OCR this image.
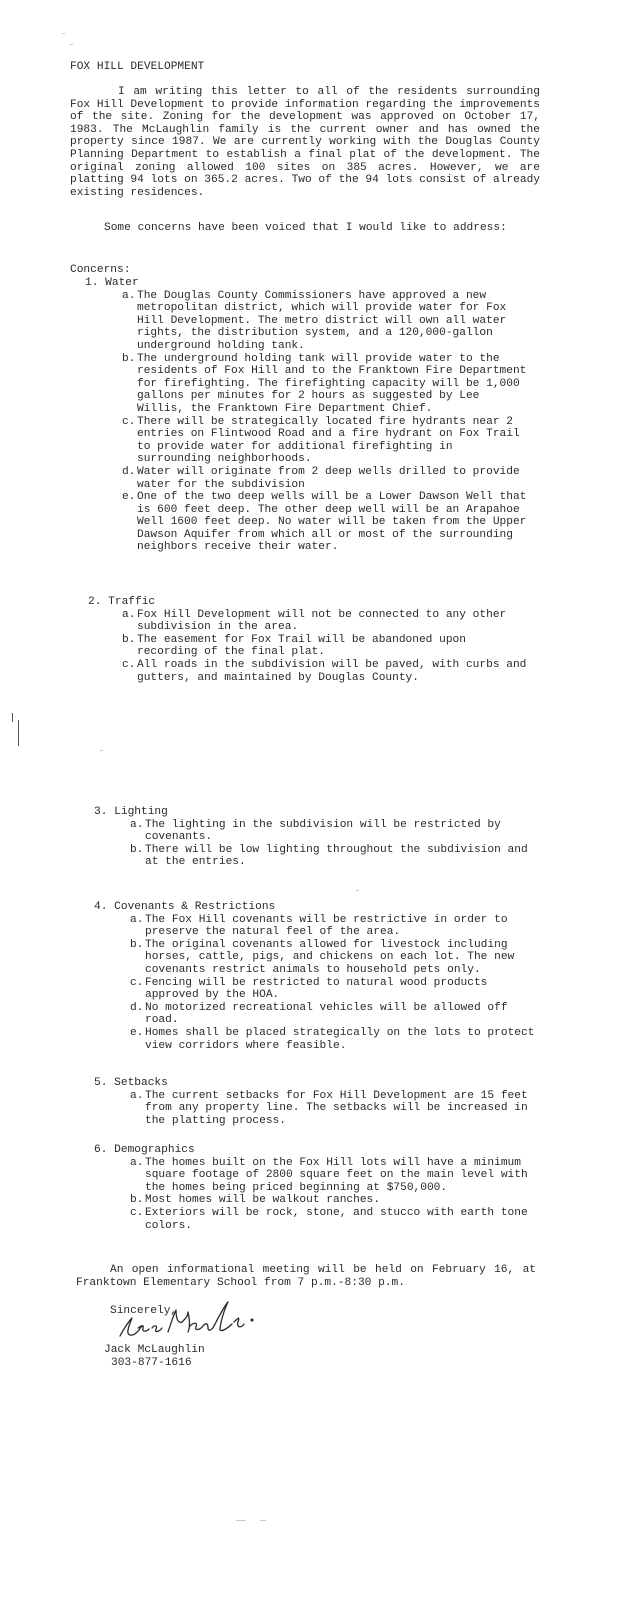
FOX HILL DEVELOPMENT
I am writing this letter to all of the residents surrounding Fox Hill Development to provide information regarding the improvements of the site. Zoning for the development was approved on October 17, 1983. The McLaughlin family is the current owner and has owned the property since 1987. We are currently working with the Douglas County Planning Department to establish a final plat of the development. The original zoning allowed 100 sites on 385 acres. However, we are platting 94 lots on 365.2 acres. Two of the 94 lots consist of already existing residences.
Some concerns have been voiced that I would like to address:
Concerns:
1. Water
a. The Douglas County Commissioners have approved a new metropolitan district, which will provide water for Fox Hill Development. The metro district will own all water rights, the distribution system, and a 120,000-gallon underground holding tank.
b. The underground holding tank will provide water to the residents of Fox Hill and to the Franktown Fire Department for firefighting. The firefighting capacity will be 1,000 gallons per minutes for 2 hours as suggested by Lee Willis, the Franktown Fire Department Chief.
c. There will be strategically located fire hydrants near 2 entries on Flintwood Road and a fire hydrant on Fox Trail to provide water for additional firefighting in surrounding neighborhoods.
d. Water will originate from 2 deep wells drilled to provide water for the subdivision
e. One of the two deep wells will be a Lower Dawson Well that is 600 feet deep. The other deep well will be an Arapahoe Well 1600 feet deep. No water will be taken from the Upper Dawson Aquifer from which all or most of the surrounding neighbors receive their water.
2. Traffic
a. Fox Hill Development will not be connected to any other subdivision in the area.
b. The easement for Fox Trail will be abandoned upon recording of the final plat.
c. All roads in the subdivision will be paved, with curbs and gutters, and maintained by Douglas County.
3. Lighting
a. The lighting in the subdivision will be restricted by covenants.
b. There will be low lighting throughout the subdivision and at the entries.
4. Covenants & Restrictions
a. The Fox Hill covenants will be restrictive in order to preserve the natural feel of the area.
b. The original covenants allowed for livestock including horses, cattle, pigs, and chickens on each lot. The new covenants restrict animals to household pets only.
c. Fencing will be restricted to natural wood products approved by the HOA.
d. No motorized recreational vehicles will be allowed off road.
e. Homes shall be placed strategically on the lots to protect view corridors where feasible.
5. Setbacks
a. The current setbacks for Fox Hill Development are 15 feet from any property line. The setbacks will be increased in the platting process.
6. Demographics
a. The homes built on the Fox Hill lots will have a minimum square footage of 2800 square feet on the main level with the homes being priced beginning at $750,000.
b. Most homes will be walkout ranches.
c. Exteriors will be rock, stone, and stucco with earth tone colors.
An open informational meeting will be held on February 16, at Franktown Elementary School from 7 p.m.-8:30 p.m.
Sincerely,
Jack McLaughlin
303-877-1616
